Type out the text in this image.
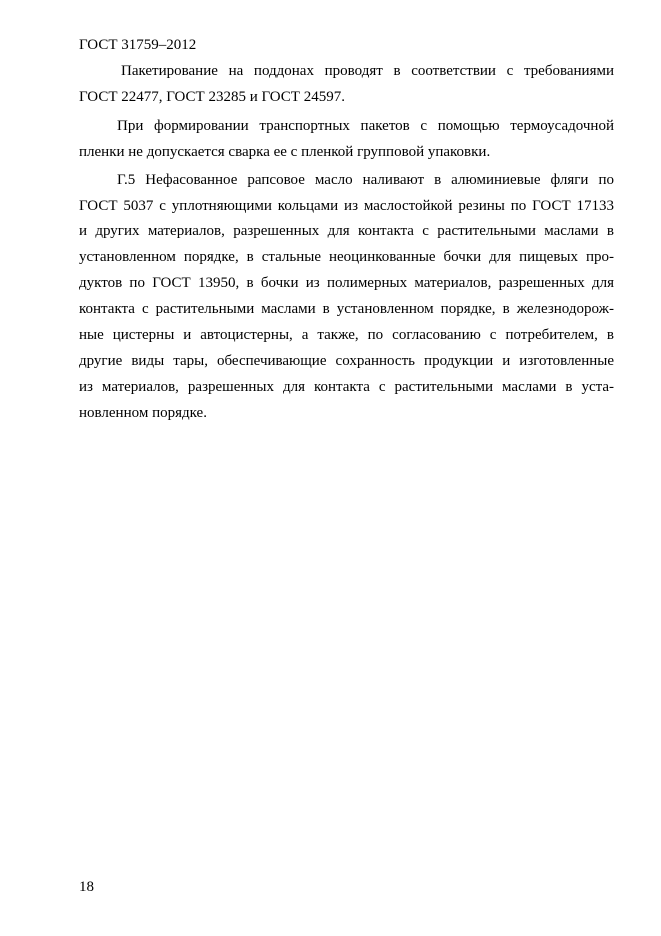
ГОСТ 31759–2012
Пакетирование на поддонах проводят в соответствии с требованиями
ГОСТ 22477, ГОСТ 23285 и ГОСТ 24597.
При формировании транспортных пакетов с помощью термоусадочной
пленки не допускается сварка ее с пленкой групповой упаковки.
Г.5 Нефасованное рапсовое масло наливают в алюминиевые фляги по
ГОСТ 5037 с уплотняющими кольцами из маслостойкой резины по ГОСТ 17133
и других материалов, разрешенных для контакта с растительными маслами в
установленном порядке, в стальные неоцинкованные бочки для пищевых про-
дуктов по ГОСТ 13950, в бочки из полимерных материалов, разрешенных для
контакта с растительными маслами в установленном порядке, в железнодорож-
ные цистерны и автоцистерны, а также, по согласованию с потребителем, в
другие виды тары, обеспечивающие сохранность продукции и изготовленные
из материалов, разрешенных для контакта с растительными маслами в уста-
новленном порядке.
18
